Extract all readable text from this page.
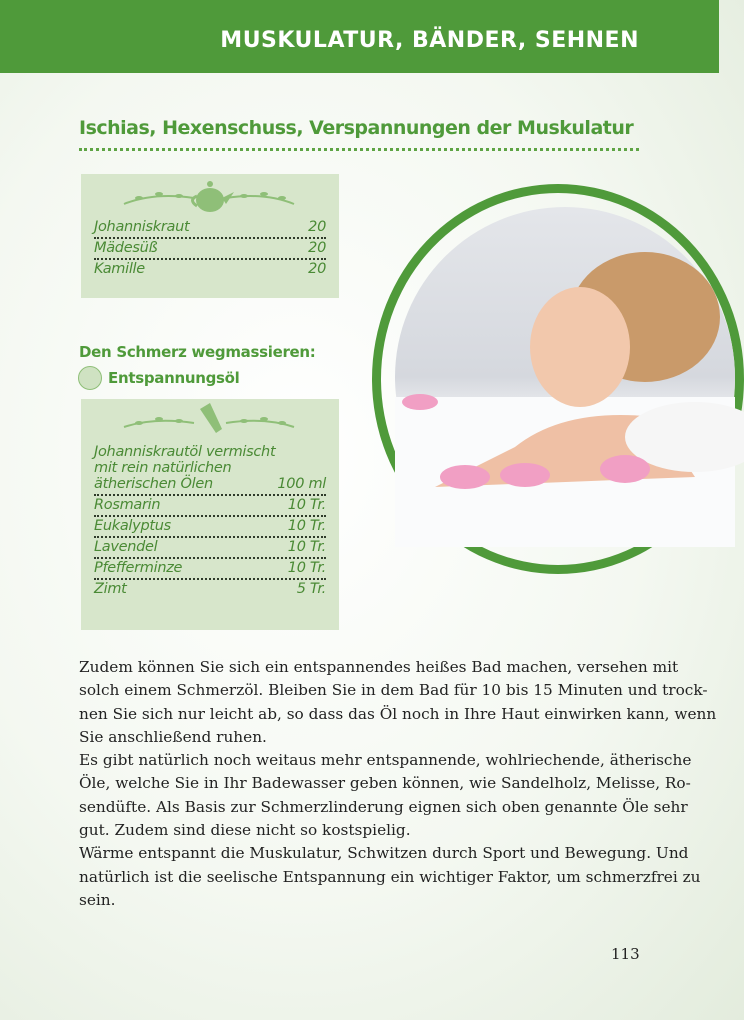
MUSKULATUR, BÄNDER, SEHNEN
Ischias, Hexenschuss, Verspannungen der Muskulatur
Johanniskraut	20
Mädesüß	20
Kamille	20
Den Schmerz wegmassieren:
Entspannungsöl
Johanniskrautöl vermischt
mit rein natürlichen
ätherischen Ölen	100 ml
Rosmarin	10 Tr.
Eukalyptus	10 Tr.
Lavendel	10 Tr.
Pfefferminze	10 Tr.
Zimt	5 Tr.
Zudem können Sie sich ein entspannendes heißes Bad machen, versehen mit
solch einem Schmerzöl. Bleiben Sie in dem Bad für 10 bis 15 Minuten und trock-
nen Sie sich nur leicht ab, so dass das Öl noch in Ihre Haut einwirken kann, wenn
Sie anschließend ruhen.
Es gibt natürlich noch weitaus mehr entspannende, wohlriechende, ätherische
Öle, welche Sie in Ihr Badewasser geben können, wie Sandelholz, Melisse, Ro-
sendüfte. Als Basis zur Schmerzlinderung eignen sich oben genannte Öle sehr
gut. Zudem sind diese nicht so kostspielig.
Wärme entspannt die Muskulatur, Schwitzen durch Sport und Bewegung. Und
natürlich ist die seelische Entspannung ein wichtiger Faktor, um schmerzfrei zu
sein.
113
